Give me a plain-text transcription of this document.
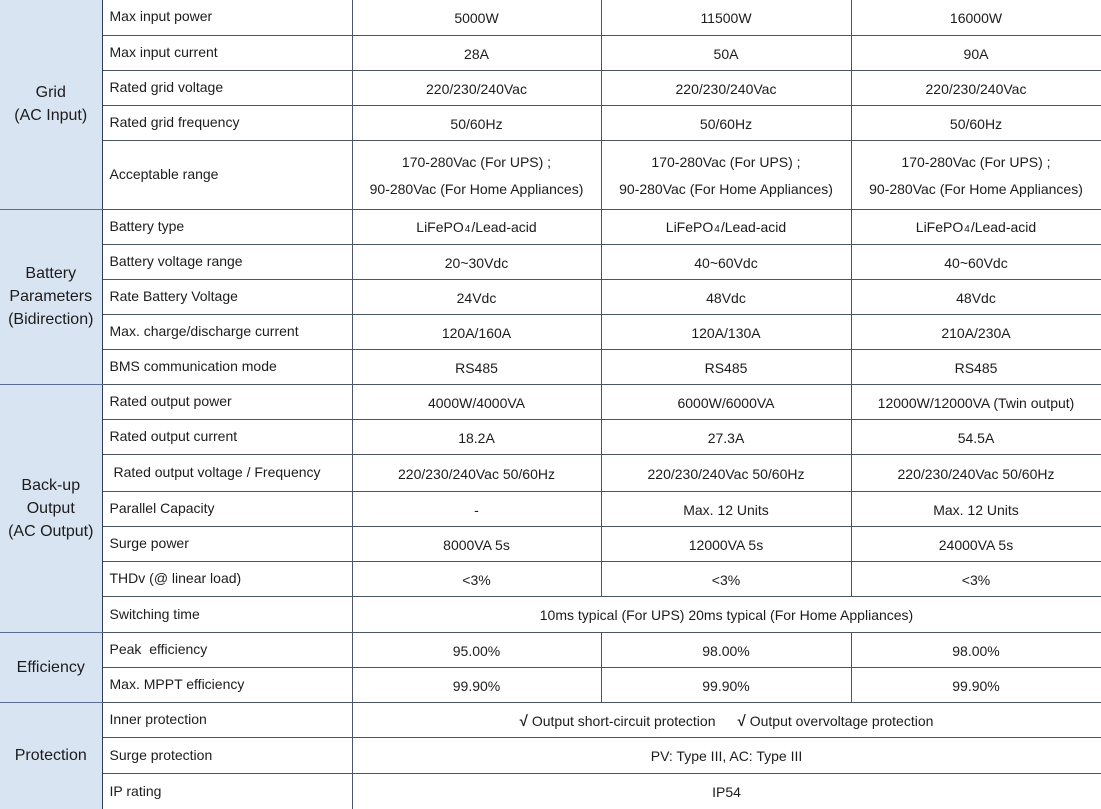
Grid
(AC Input)	Max input power	5000W	11500W	16000W
	Max input current	28A	50A	90A
	Rated grid voltage	220/230/240Vac	220/230/240Vac	220/230/240Vac
	Rated grid frequency	50/60Hz	50/60Hz	50/60Hz
	Acceptable range	170-280Vac (For UPS) ;
90-280Vac (For Home Appliances)	170-280Vac (For UPS) ;
90-280Vac (For Home Appliances)	170-280Vac (For UPS) ;
90-280Vac (For Home Appliances)

Battery
Parameters
(Bidirection)	Battery type	LiFePO4/Lead-acid	LiFePO4/Lead-acid	LiFePO4/Lead-acid
	Battery voltage range	20~30Vdc	40~60Vdc	40~60Vdc
	Rate Battery Voltage	24Vdc	48Vdc	48Vdc
	Max. charge/discharge current	120A/160A	120A/130A	210A/230A
	BMS communication mode	RS485	RS485	RS485

Back-up
Output
(AC Output)	Rated output power	4000W/4000VA	6000W/6000VA	12000W/12000VA (Twin output)
	Rated output current	18.2A	27.3A	54.5A
	Rated output voltage / Frequency	220/230/240Vac 50/60Hz	220/230/240Vac 50/60Hz	220/230/240Vac 50/60Hz
	Parallel Capacity	-	Max. 12 Units	Max. 12 Units
	Surge power	8000VA 5s	12000VA 5s	24000VA 5s
	THDv (@ linear load)	<3%	<3%	<3%
	Switching time	10ms typical (For UPS) 20ms typical (For Home Appliances)		

Efficiency	Peak  efficiency	95.00%	98.00%	98.00%
	Max. MPPT efficiency	99.90%	99.90%	99.90%

Protection	Inner protection	√ Output short-circuit protection √ Output overvoltage protection		
	Surge protection	PV: Type III, AC: Type III		
	IP rating	IP54		
